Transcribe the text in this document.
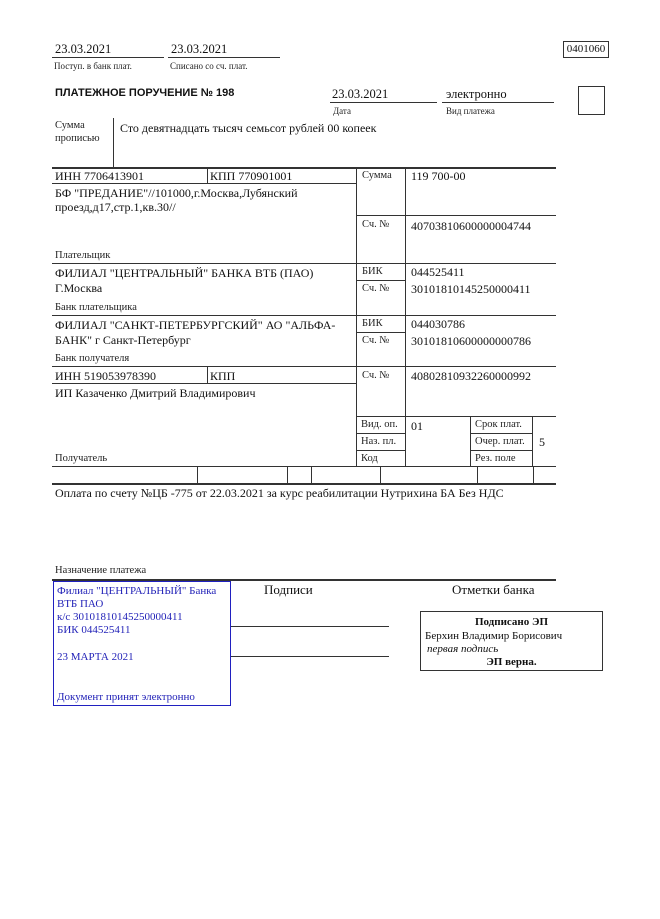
23.03.2021
Поступ. в банк плат.
23.03.2021
Списано со сч. плат.
0401060
ПЛАТЕЖНОЕ ПОРУЧЕНИЕ № 198	23.03.2021
Дата
электронно
Вид платежа
Сумма
прописью
Сто девятнадцать тысяч семьсот рублей 00 копеек
ИНН 7706413901	КПП 770901001
БФ "ПРЕДАНИЕ"//101000,г.Москва,Лубянский
проезд,д17,стр.1,кв.30//
Плательщик
Сумма 119 700-00
Сч. № 40703810600000004744
ФИЛИАЛ "ЦЕНТРАЛЬНЫЙ" БАНКА ВТБ (ПАО)
Г.Москва
Банк плательщика
БИК 044525411
Сч. № 30101810145250000411
ФИЛИАЛ "САНКТ-ПЕТЕРБУРГСКИЙ" АО "АЛЬФА-
БАНК" г Санкт-Петербург
Банк получателя
БИК 044030786
Сч. № 30101810600000000786
ИНН 519053978390	КПП
ИП Казаченко Дмитрий Владимирович
Получатель
Сч. № 40802810932260000992
Вид. оп. 01
Наз. пл.
Код
Срок плат.
Очер. плат. 5
Рез. поле
Оплата по счету №ЦБ -775 от 22.03.2021 за курс реабилитации Нутрихина БА Без НДС
Назначение платежа
Филиал "ЦЕНТРАЛЬНЫЙ" Банка
ВТБ ПАО
к/с 30101810145250000411
БИК 044525411
23 МАРТА 2021
Документ принят электронно
Подписи	Отметки банка
Подписано ЭП
Берхин Владимир Борисович
первая подпись
ЭП верна.
